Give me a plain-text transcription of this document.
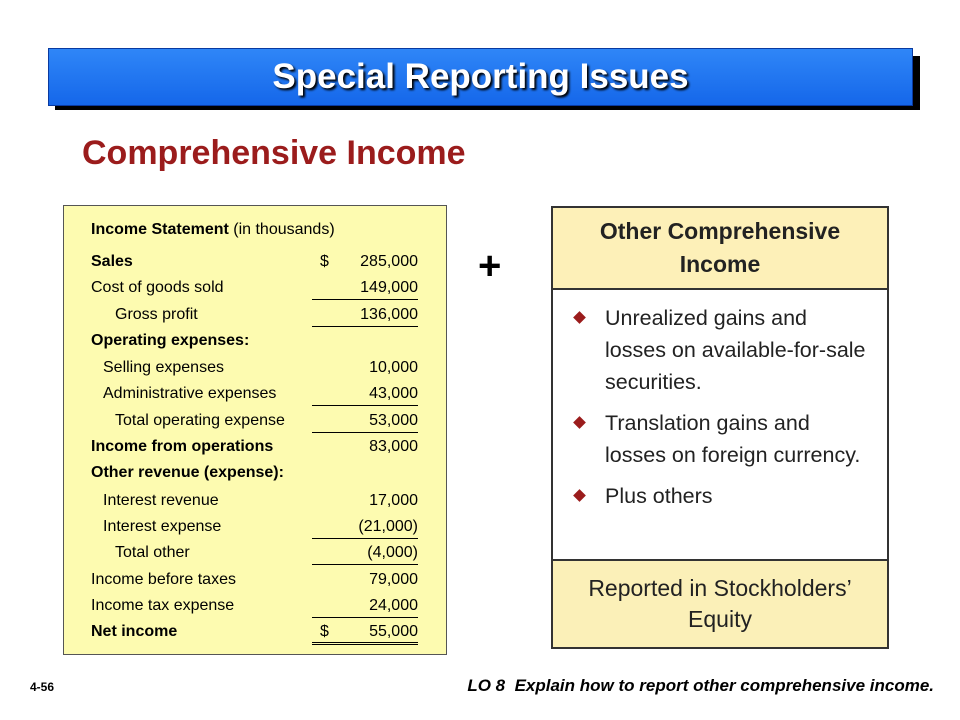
Special Reporting Issues
Comprehensive Income
Income Statement (in thousands)
Sales	$ 285,000
Cost of goods sold	149,000
Gross profit	136,000
Operating expenses:
Selling expenses	10,000
Administrative expenses	43,000
Total operating expense	53,000
Income from operations	83,000
Other revenue (expense):
Interest revenue	17,000
Interest expense	(21,000)
Total other	(4,000)
Income before taxes	79,000
Income tax expense	24,000
Net income	$	55,000
+
Other Comprehensive Income
Unrealized gains and losses on available-for-sale securities.
Translation gains and losses on foreign currency.
Plus others
Reported in Stockholders’ Equity
4-56	LO 8 Explain how to report other comprehensive income.
